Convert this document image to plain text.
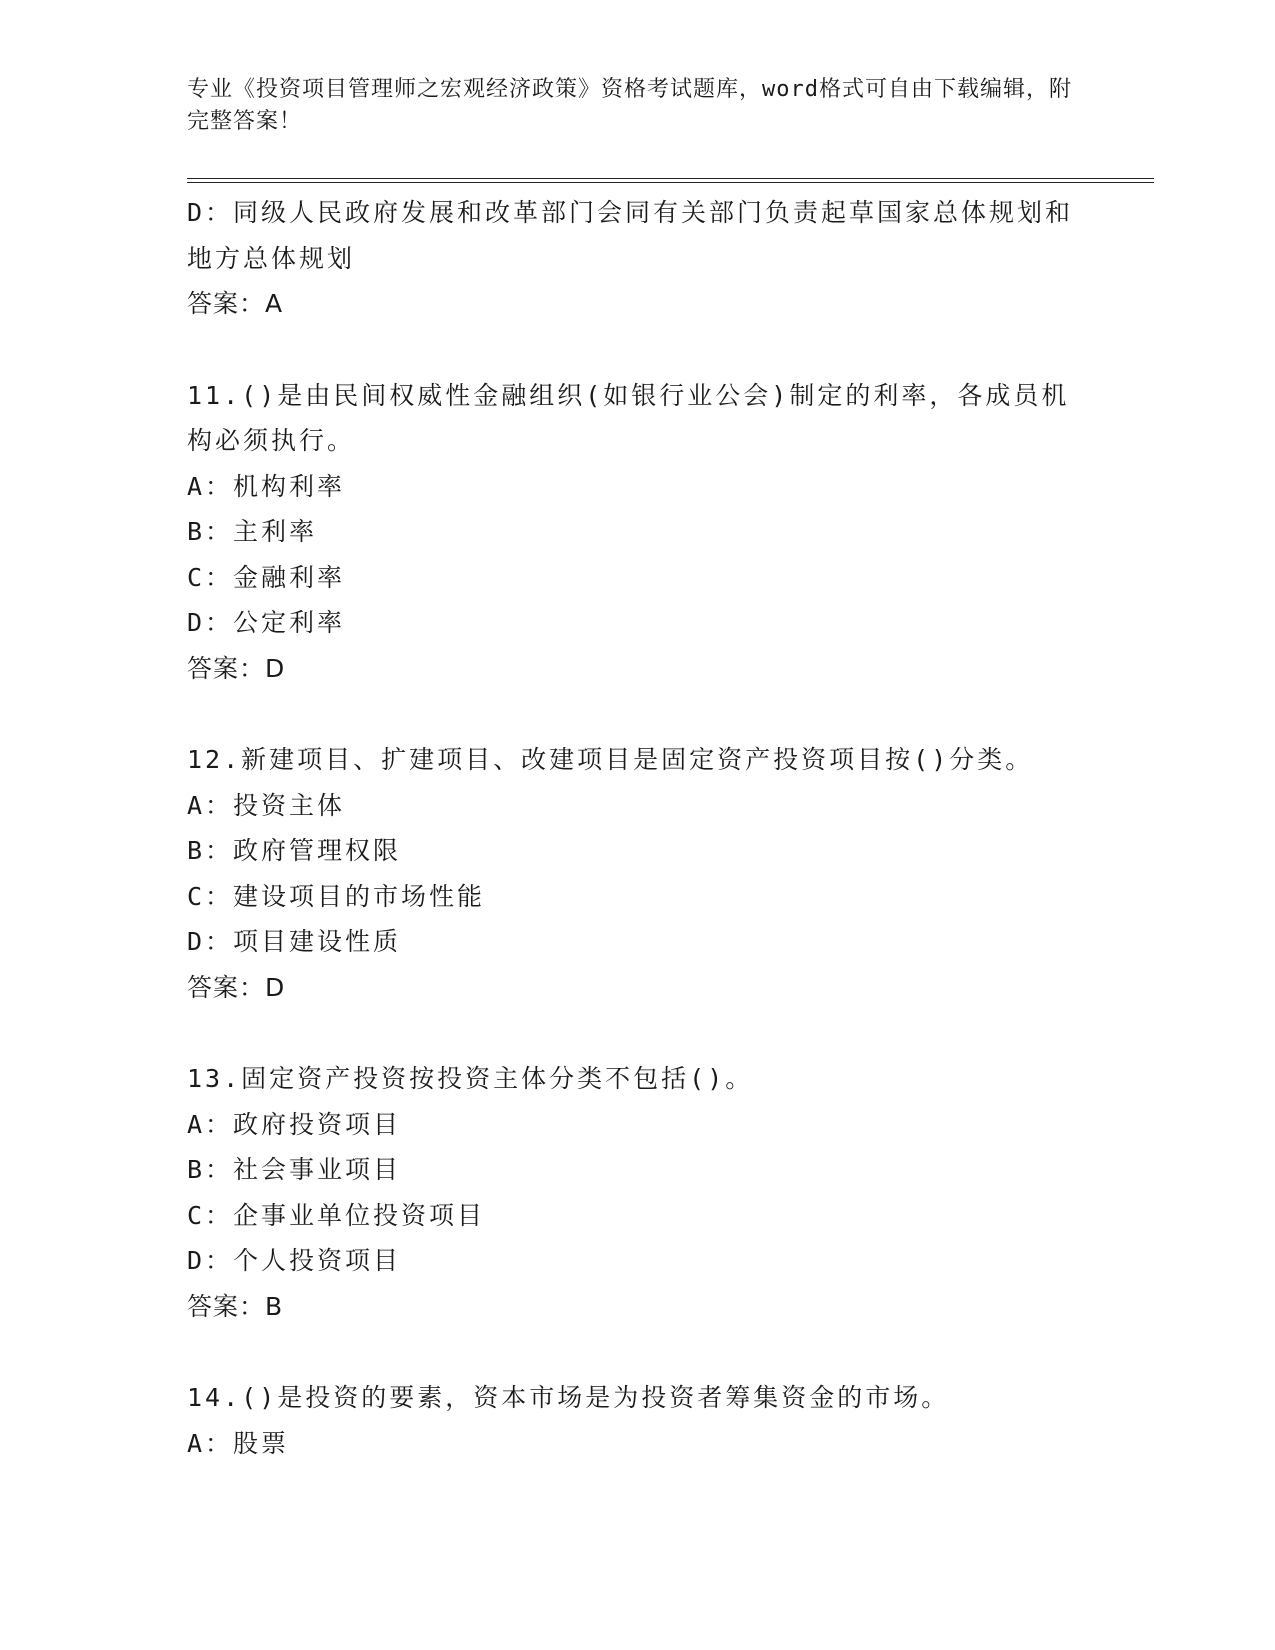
专业《投资项目管理师之宏观经济政策》资格考试题库，word格式可自由下载编辑，附完整答案！
D：同级人民政府发展和改革部门会同有关部门负责起草国家总体规划和地方总体规划
答案：A
11.()是由民间权威性金融组织(如银行业公会)制定的利率，各成员机构必须执行。
A：机构利率
B：主利率
C：金融利率
D：公定利率
答案：D
12.新建项目、扩建项目、改建项目是固定资产投资项目按()分类。
A：投资主体
B：政府管理权限
C：建设项目的市场性能
D：项目建设性质
答案：D
13.固定资产投资按投资主体分类不包括()。
A：政府投资项目
B：社会事业项目
C：企事业单位投资项目
D：个人投资项目
答案：B
14.()是投资的要素，资本市场是为投资者筹集资金的市场。
A：股票
